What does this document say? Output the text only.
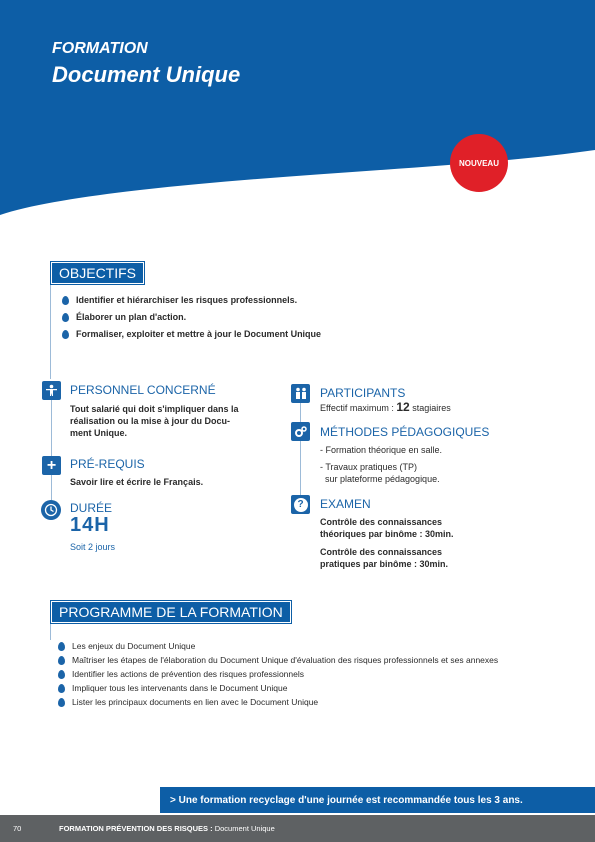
FORMATION
Document Unique
NOUVEAU
OBJECTIFS
Identifier et hiérarchiser les risques professionnels.
Élaborer un plan d'action.
Formaliser, exploiter et mettre à jour le Document Unique
PERSONNEL CONCERNÉ
Tout salarié qui doit s'impliquer dans la
réalisation ou la mise à jour du Docu-
ment Unique.
+	PRÉ-REQUIS
Savoir lire et écrire le Français.
DURÉE
14H
Soit 2 jours
PARTICIPANTS
Effectif maximum : 12 stagiaires
MÉTHODES PÉDAGOGIQUES
- Formation théorique en salle.
- Travaux pratiques (TP)
sur plateforme pédagogique.
?	EXAMEN
Contrôle des connaissances
théoriques par binôme : 30min.
Contrôle des connaissances
pratiques par binôme : 30min.
PROGRAMME DE LA FORMATION
Les enjeux du Document Unique
Maîtriser les étapes de l'élaboration du Document Unique d'évaluation des risques professionnels et ses annexes
Identifier les actions de prévention des risques professionnels
Impliquer tous les intervenants dans le Document Unique
Lister les principaux documents en lien avec le Document Unique
> Une formation recyclage d'une journée est recommandée tous les 3 ans.
70	FORMATION PRÉVENTION DES RISQUES : Document Unique
